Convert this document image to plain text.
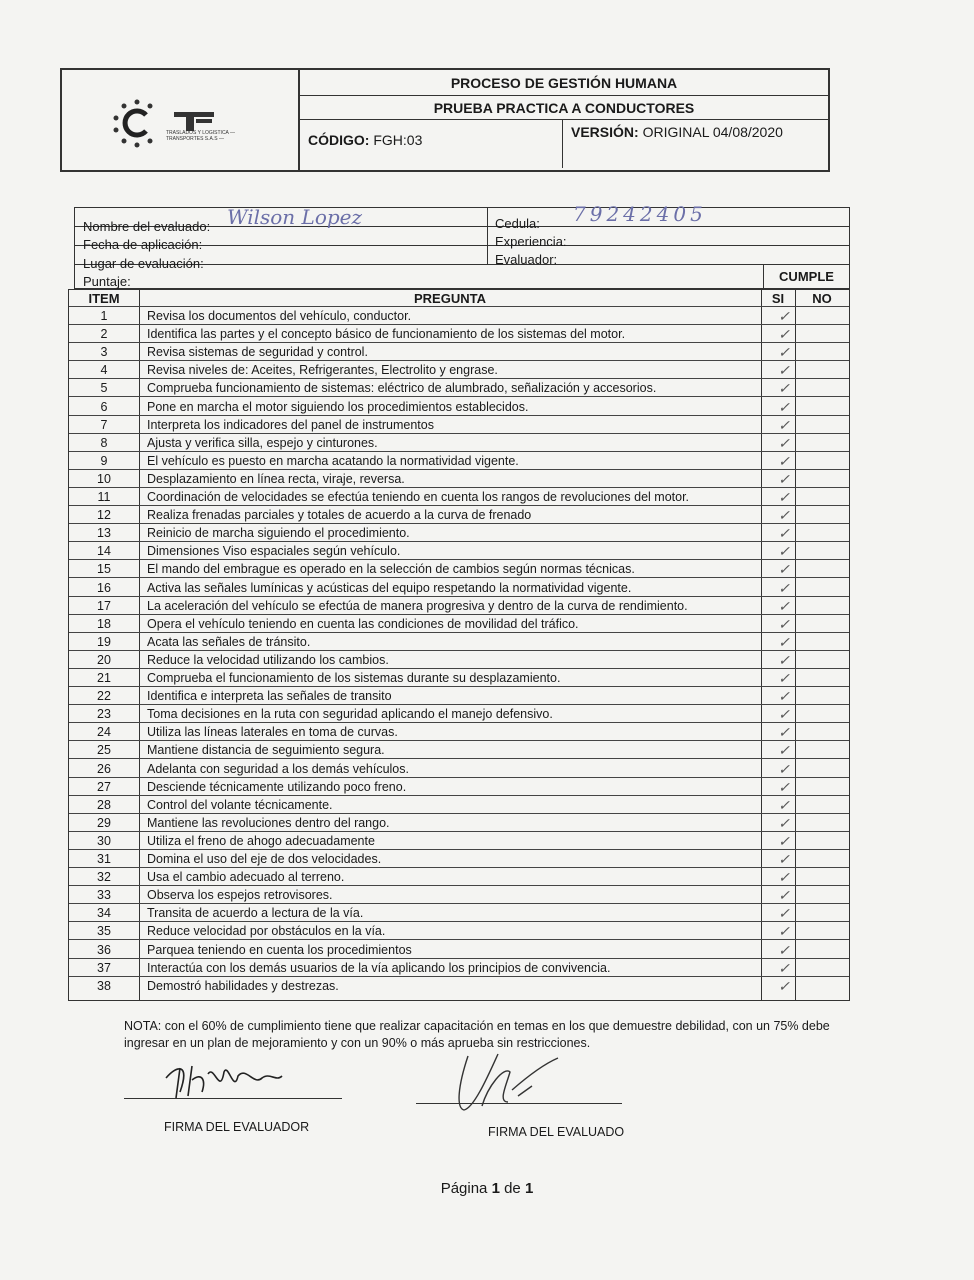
TRASLADOS Y LOGISTICA — TRANSPORTES S.A.S —
PROCESO DE GESTIÓN HUMANA
PRUEBA PRACTICA A CONDUCTORES
CÓDIGO: FGH:03	VERSIÓN: ORIGINAL 04/08/2020
Nombre del evaluado: Wilson Lopez
Fecha de aplicación:
Lugar de evaluación:
Puntaje:
Cedula: 79242405
Experiencia:
Evaluador:
CUMPLE
ITEM	PREGUNTA	SI	NO
1	Revisa los documentos del vehículo, conductor.	✓
2	Identifica las partes y el concepto básico de funcionamiento de los sistemas del motor.	✓
3	Revisa sistemas de seguridad y control.	✓
4	Revisa niveles de: Aceites, Refrigerantes, Electrolito y engrase.	✓
5	Comprueba funcionamiento de sistemas: eléctrico de alumbrado, señalización y accesorios.	✓
6	Pone en marcha el motor siguiendo los procedimientos establecidos.	✓
7	Interpreta los indicadores del panel de instrumentos	✓
8	Ajusta y verifica silla, espejo y cinturones.	✓
9	El vehículo es puesto en marcha acatando la normatividad vigente.	✓
10	Desplazamiento en línea recta, viraje, reversa.	✓
11	Coordinación de velocidades se efectúa teniendo en cuenta los rangos de revoluciones del motor.	✓
12	Realiza frenadas parciales y totales de acuerdo a la curva de frenado	✓
13	Reinicio de marcha siguiendo el procedimiento.	✓
14	Dimensiones Viso espaciales según vehículo.	✓
15	El mando del embrague es operado en la selección de cambios según normas técnicas.	✓
16	Activa las señales lumínicas y acústicas del equipo respetando la normatividad vigente.	✓
17	La aceleración del vehículo se efectúa de manera progresiva y dentro de la curva de rendimiento.	✓
18	Opera el vehículo teniendo en cuenta las condiciones de movilidad del tráfico.	✓
19	Acata las señales de tránsito.	✓
20	Reduce la velocidad utilizando los cambios.	✓
21	Comprueba el funcionamiento de los sistemas durante su desplazamiento.	✓
22	Identifica e interpreta las señales de transito	✓
23	Toma decisiones en la ruta con seguridad aplicando el manejo defensivo.	✓
24	Utiliza las líneas laterales en toma de curvas.	✓
25	Mantiene distancia de seguimiento segura.	✓
26	Adelanta con seguridad a los demás vehículos.	✓
27	Desciende técnicamente utilizando poco freno.	✓
28	Control del volante técnicamente.	✓
29	Mantiene las revoluciones dentro del rango.	✓
30	Utiliza el freno de ahogo adecuadamente	✓
31	Domina el uso del eje de dos velocidades.	✓
32	Usa el cambio adecuado al terreno.	✓
33	Observa los espejos retrovisores.	✓
34	Transita de acuerdo a lectura de la vía.	✓
35	Reduce velocidad por obstáculos en la vía.	✓
36	Parquea teniendo en cuenta los procedimientos	✓
37	Interactúa con los demás usuarios de la vía aplicando los principios de convivencia.	✓
38	Demostró habilidades y destrezas.	✓
NOTA: con el 60% de cumplimiento tiene que realizar capacitación en temas en los que demuestre debilidad, con un 75% debe ingresar en un plan de mejoramiento y con un 90% o más aprueba sin restricciones.
FIRMA DEL EVALUADOR	FIRMA DEL EVALUADO
Página 1 de 1
